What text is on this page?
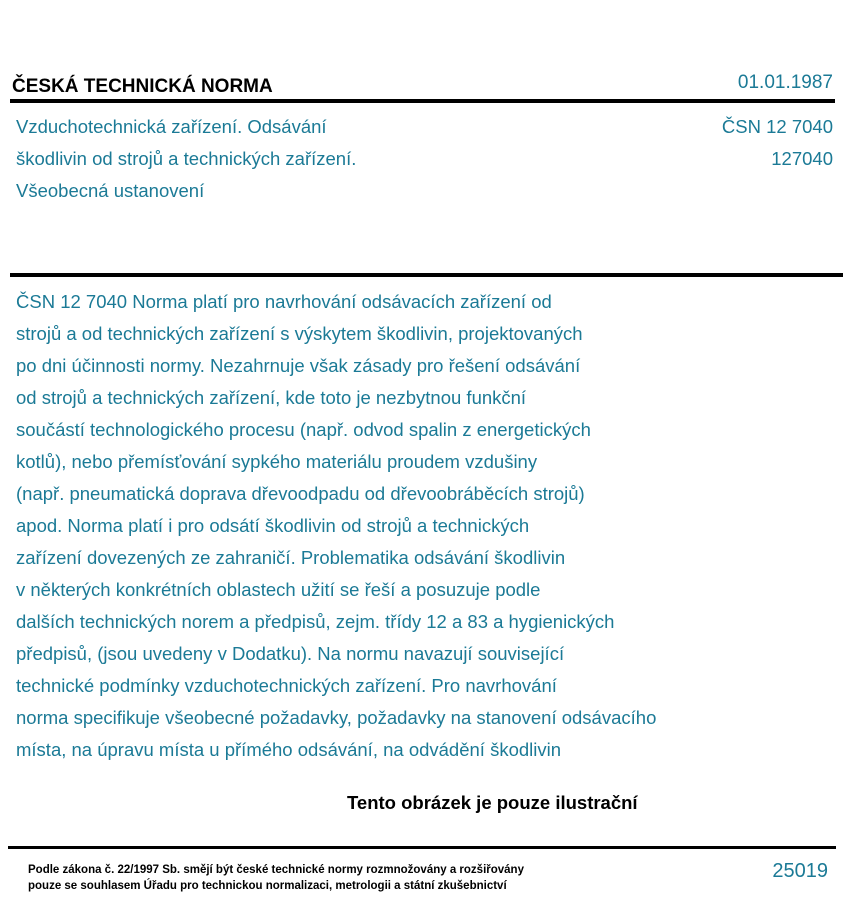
ČESKÁ TECHNICKÁ NORMA	01.01.1987
Vzduchotechnická zařízení. Odsávání
škodlivin od strojů a technických zařízení.
Všeobecná ustanovení
ČSN 12 7040
127040
ČSN 12 7040 Norma platí pro navrhování odsávacích zařízení od
strojů a od technických zařízení s výskytem škodlivin, projektovaných
po dni účinnosti normy. Nezahrnuje však zásady pro řešení odsávání
od strojů a technických zařízení, kde toto je nezbytnou funkční
součástí technologického procesu (např. odvod spalin z energetických
kotlů), nebo přemísťování sypkého materiálu proudem vzdušiny
(např. pneumatická doprava dřevoodpadu od dřevoobráběcích strojů)
apod. Norma platí i pro odsátí škodlivin od strojů a technických
zařízení dovezených ze zahraničí. Problematika odsávání škodlivin
v některých konkrétních oblastech užití se řeší a posuzuje podle
dalších technických norem a předpisů, zejm. třídy 12 a 83 a hygienických
předpisů, (jsou uvedeny v Dodatku). Na normu navazují související
technické podmínky vzduchotechnických zařízení. Pro navrhování
norma specifikuje všeobecné požadavky, požadavky na stanovení odsávacího
místa, na úpravu místa u přímého odsávání, na odvádění škodlivin
Tento obrázek je pouze ilustrační
Podle zákona č. 22/1997 Sb. smějí být české technické normy rozmnožovány a rozšiřovány
pouze se souhlasem Úřadu pro technickou normalizaci, metrologii a státní zkušebnictví
25019
